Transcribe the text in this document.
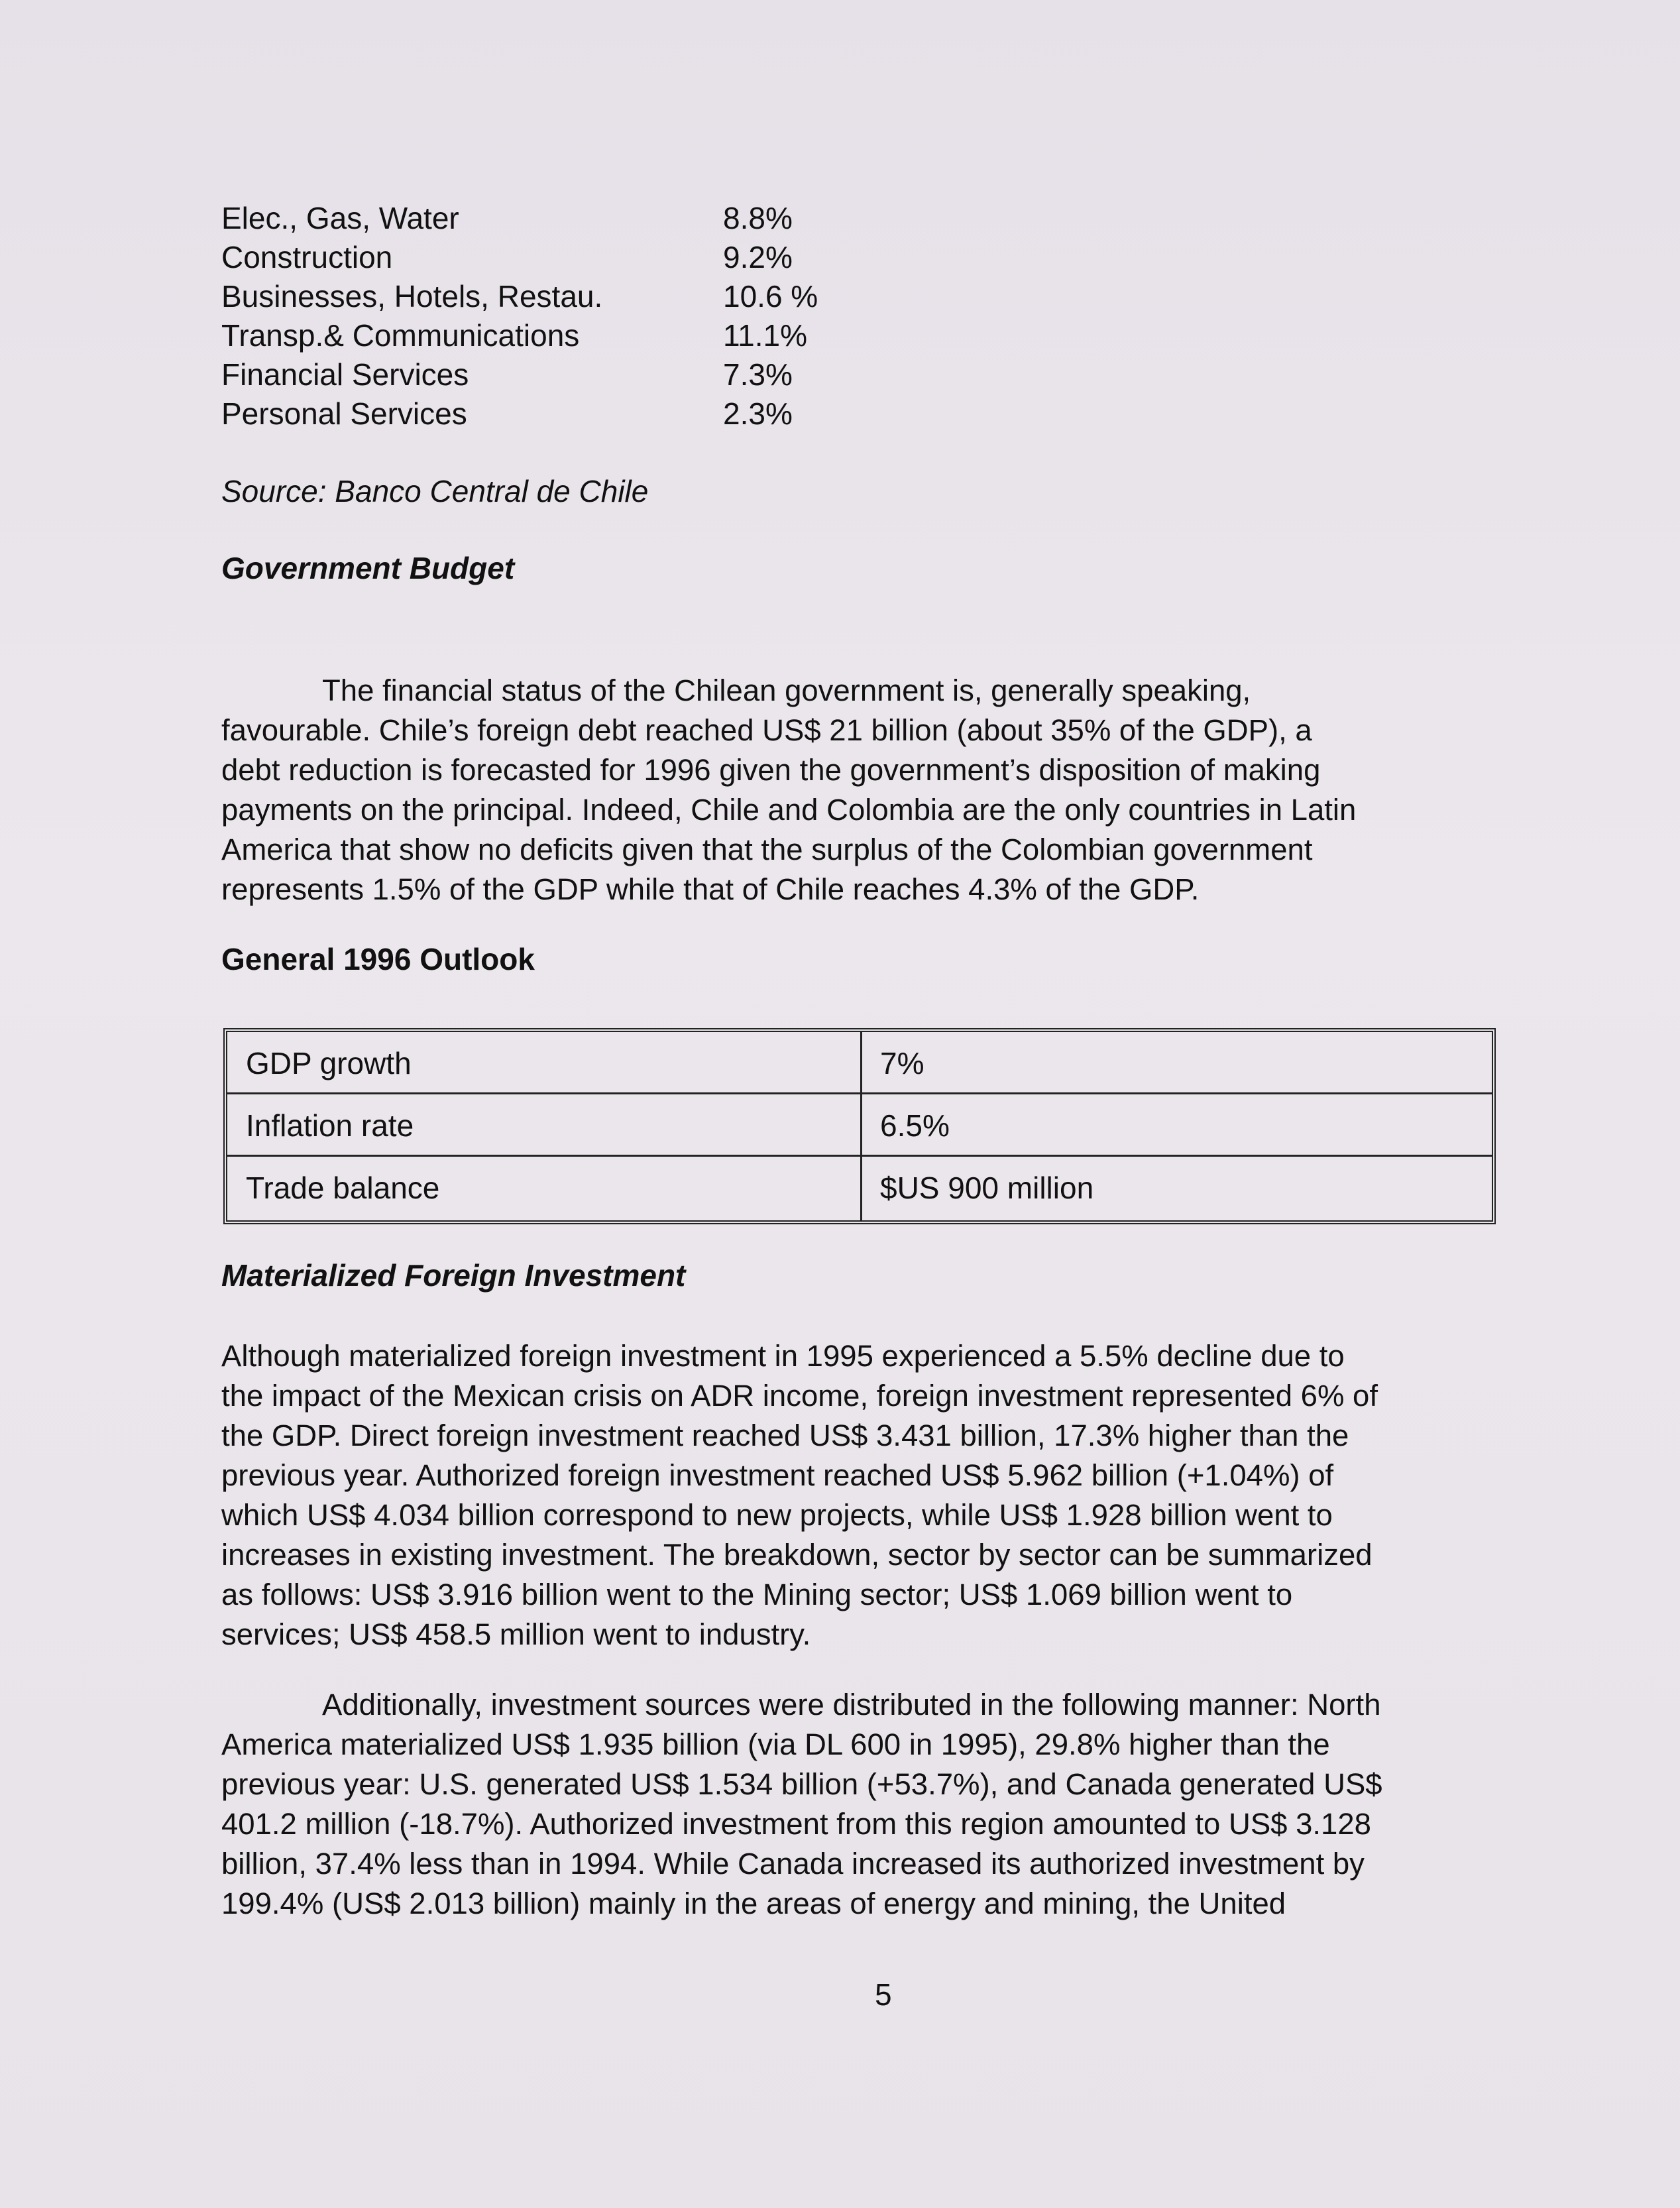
Elec., Gas, Water	8.8%
Construction	9.2%
Businesses, Hotels, Restau.	10.6 %
Transp.& Communications	11.1%
Financial Services	7.3%
Personal Services	2.3%
Source: Banco Central de Chile
Government Budget

The financial status of the Chilean government is, generally speaking,
favourable. Chile’s foreign debt reached US$ 21 billion (about 35% of the GDP), a
debt reduction is forecasted for 1996 given the government’s disposition of making
payments on the principal. Indeed, Chile and Colombia are the only countries in Latin
America that show no deficits given that the surplus of the Colombian government
represents 1.5% of the GDP while that of Chile reaches 4.3% of the GDP.

General 1996 Outlook
GDP growth	7%
Inflation rate	6.5%
Trade balance	$US 900 million
Materialized Foreign Investment

Although materialized foreign investment in 1995 experienced a 5.5% decline due to
the impact of the Mexican crisis on ADR income, foreign investment represented 6% of
the GDP. Direct foreign investment reached US$ 3.431 billion, 17.3% higher than the
previous year. Authorized foreign investment reached US$ 5.962 billion (+1.04%) of
which US$ 4.034 billion correspond to new projects, while US$ 1.928 billion went to
increases in existing investment. The breakdown, sector by sector can be summarized
as follows: US$ 3.916 billion went to the Mining sector; US$ 1.069 billion went to
services; US$ 458.5 million went to industry.

Additionally, investment sources were distributed in the following manner: North
America materialized US$ 1.935 billion (via DL 600 in 1995), 29.8% higher than the
previous year: U.S. generated US$ 1.534 billion (+53.7%), and Canada generated US$
401.2 million (-18.7%). Authorized investment from this region amounted to US$ 3.128
billion, 37.4% less than in 1994. While Canada increased its authorized investment by
199.4% (US$ 2.013 billion) mainly in the areas of energy and mining, the United

5
